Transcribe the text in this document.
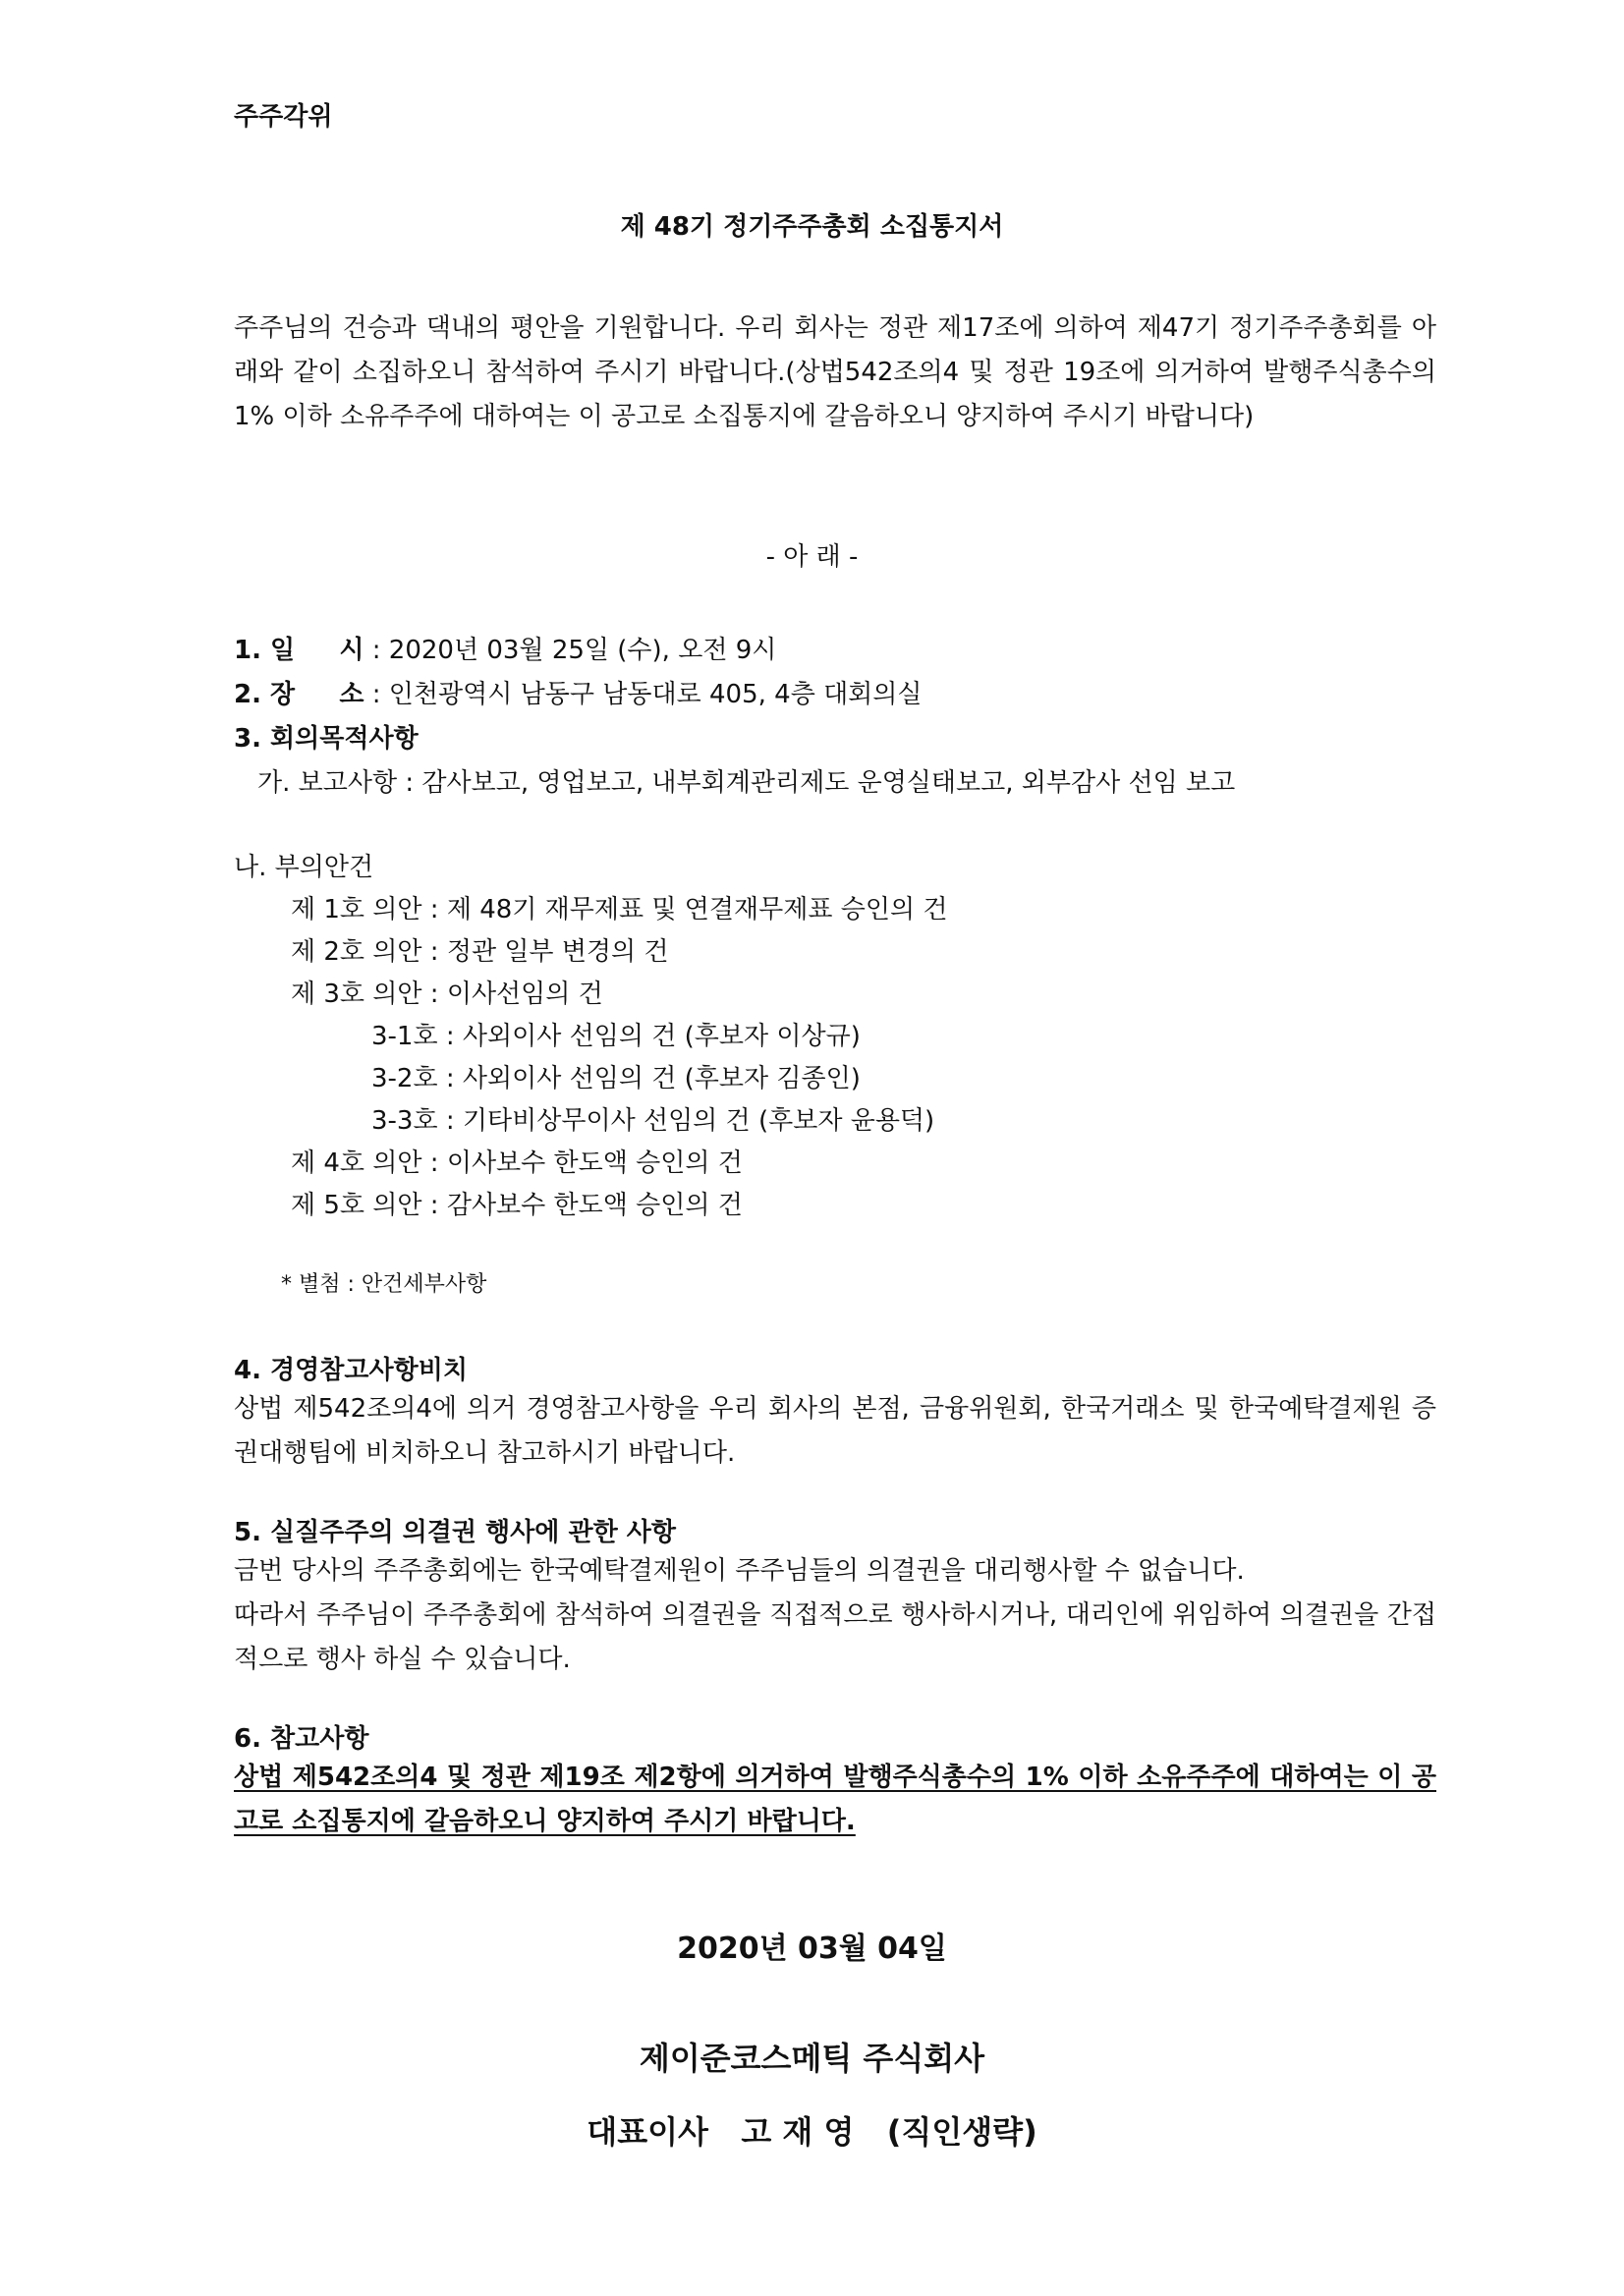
주주각위
제 48기 정기주주총회 소집통지서
주주님의 건승과 댁내의 평안을 기원합니다. 우리 회사는 정관 제17조에 의하여 제47기 정기주주총회를 아래와 같이 소집하오니 참석하여 주시기 바랍니다.(상법542조의4 및 정관 19조에 의거하여 발행주식총수의 1% 이하 소유주주에 대하여는 이 공고로 소집통지에 갈음하오니 양지하여 주시기 바랍니다)
- 아 래 -
1. 일     시 : 2020년 03월 25일 (수), 오전 9시
2. 장     소 : 인천광역시 남동구 남동대로 405, 4층 대회의실
3. 회의목적사항
가. 보고사항 : 감사보고, 영업보고, 내부회계관리제도 운영실태보고, 외부감사 선임 보고
나. 부의안건
제 1호 의안 : 제 48기 재무제표 및 연결재무제표 승인의 건
제 2호 의안 : 정관 일부 변경의 건
제 3호 의안 : 이사선임의 건
3-1호 : 사외이사 선임의 건 (후보자 이상규)
3-2호 : 사외이사 선임의 건 (후보자 김종인)
3-3호 : 기타비상무이사 선임의 건 (후보자 윤용덕)
제 4호 의안 : 이사보수 한도액 승인의 건
제 5호 의안 : 감사보수 한도액 승인의 건
* 별첨 : 안건세부사항
4. 경영참고사항비치
상법 제542조의4에 의거 경영참고사항을 우리 회사의 본점, 금융위원회, 한국거래소 및 한국예탁결제원 증권대행팀에 비치하오니 참고하시기 바랍니다.
5. 실질주주의 의결권 행사에 관한 사항
금번 당사의 주주총회에는 한국예탁결제원이 주주님들의 의결권을 대리행사할 수 없습니다.
따라서 주주님이 주주총회에 참석하여 의결권을 직접적으로 행사하시거나, 대리인에 위임하여 의결권을 간접적으로 행사 하실 수 있습니다.
6. 참고사항
상법 제542조의4 및 정관 제19조 제2항에 의거하여 발행주식총수의 1% 이하 소유주주에 대하여는 이 공고로 소집통지에 갈음하오니 양지하여 주시기 바랍니다.
2020년 03월 04일
제이준코스메틱 주식회사
대표이사   고 재 영   (직인생략)
